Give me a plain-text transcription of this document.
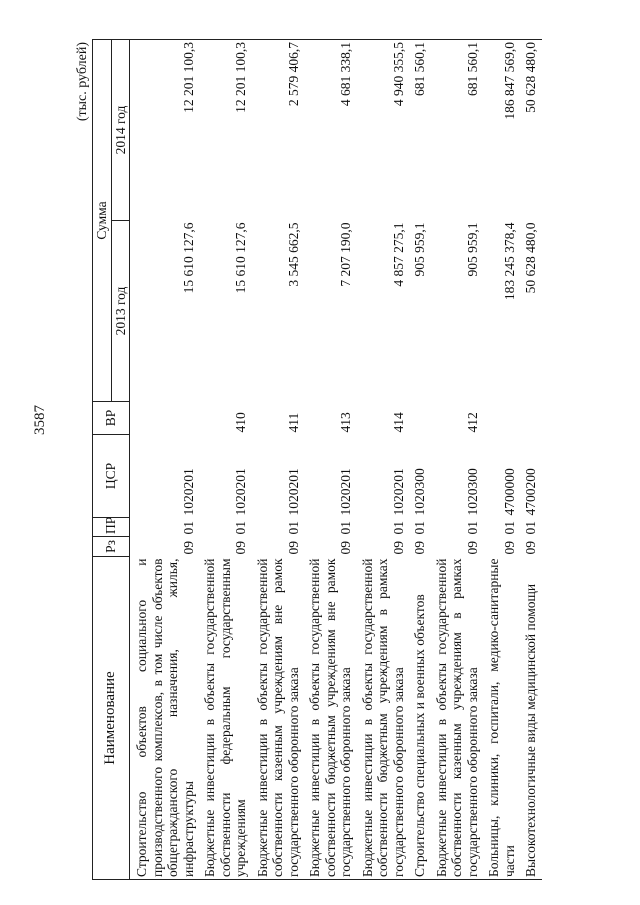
3587
(тыс. рублей)
Наименование	Рз	ПР	ЦСР	ВР	Сумма	
					2013 год	2014 год
Строительство объектов социального и производственного комплексов, в том числе объектов общегражданского назначения, жилья, инфраструктуры	09	01	1020201		15 610 127,6	12 201 100,3
Бюджетные инвестиции в объекты государственной собственности федеральным государственным учреждениям	09	01	1020201	410	15 610 127,6	12 201 100,3
Бюджетные инвестиции в объекты государственной собственности казенным учреждениям вне рамок государственного оборонного заказа	09	01	1020201	411	3 545 662,5	2 579 406,7
Бюджетные инвестиции в объекты государственной собственности бюджетным учреждениям вне рамок государственного оборонного заказа	09	01	1020201	413	7 207 190,0	4 681 338,1
Бюджетные инвестиции в объекты государственной собственности бюджетным учреждениям в рамках государственного оборонного заказа	09	01	1020201	414	4 857 275,1	4 940 355,5
Строительство специальных и военных объектов	09	01	1020300		905 959,1	681 560,1
Бюджетные инвестиции в объекты государственной собственности казенным учреждениям в рамках государственного оборонного заказа	09	01	1020300	412	905 959,1	681 560,1
Больницы, клиники, госпитали, медико-санитарные части	09	01	4700000		183 245 378,4	186 847 569,0
Высокотехнологичные виды медицинской помощи	09	01	4700200		50 628 480,0	50 628 480,0
